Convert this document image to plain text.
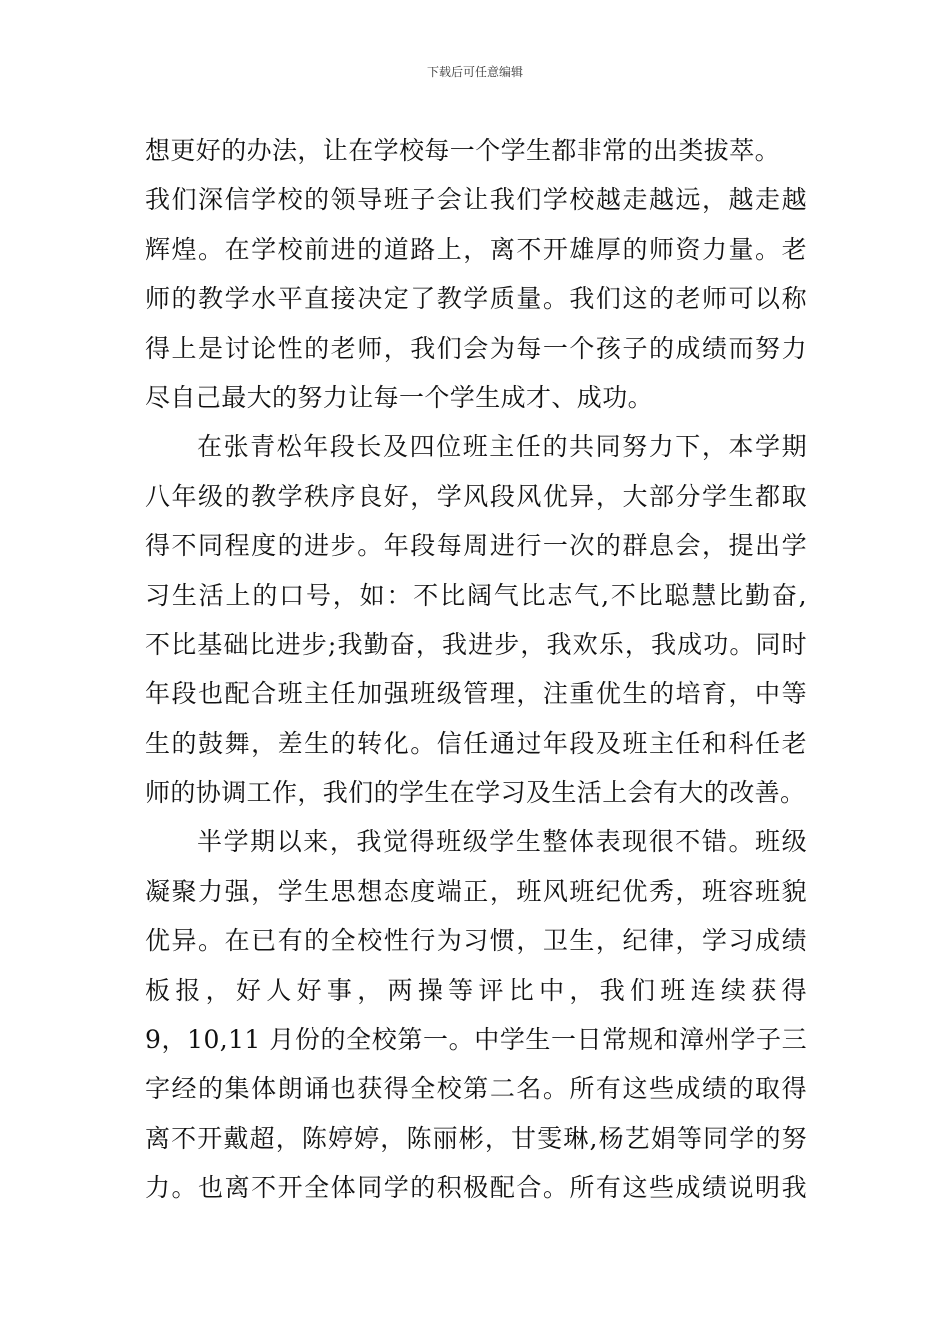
下载后可任意编辑
想更好的办法，让在学校每一个学生都非常的出类拔萃。
我们深信学校的领导班子会让我们学校越走越远，越走越
辉煌。在学校前进的道路上，离不开雄厚的师资力量。老
师的教学水平直接决定了教学质量。我们这的老师可以称
得上是讨论性的老师，我们会为每一个孩子的成绩而努力
尽自己最大的努力让每一个学生成才、成功。
在张青松年段长及四位班主任的共同努力下，本学期
八年级的教学秩序良好，学风段风优异，大部分学生都取
得不同程度的进步。年段每周进行一次的群息会，提出学
习生活上的口号，如：不比阔气比志气,不比聪慧比勤奋,
不比基础比进步;我勤奋，我进步，我欢乐，我成功。同时
年段也配合班主任加强班级管理，注重优生的培育，中等
生的鼓舞，差生的转化。信任通过年段及班主任和科任老
师的协调工作，我们的学生在学习及生活上会有大的改善。
半学期以来，我觉得班级学生整体表现很不错。班级
凝聚力强，学生思想态度端正，班风班纪优秀，班容班貌
优异。在已有的全校性行为习惯，卫生，纪律，学习成绩
板报，好人好事，两操等评比中，我们班连续获得
9，10,11 月份的全校第一。中学生一日常规和漳州学子三
字经的集体朗诵也获得全校第二名。所有这些成绩的取得
离不开戴超，陈婷婷，陈丽彬，甘雯琳,杨艺娟等同学的努
力。也离不开全体同学的积极配合。所有这些成绩说明我
